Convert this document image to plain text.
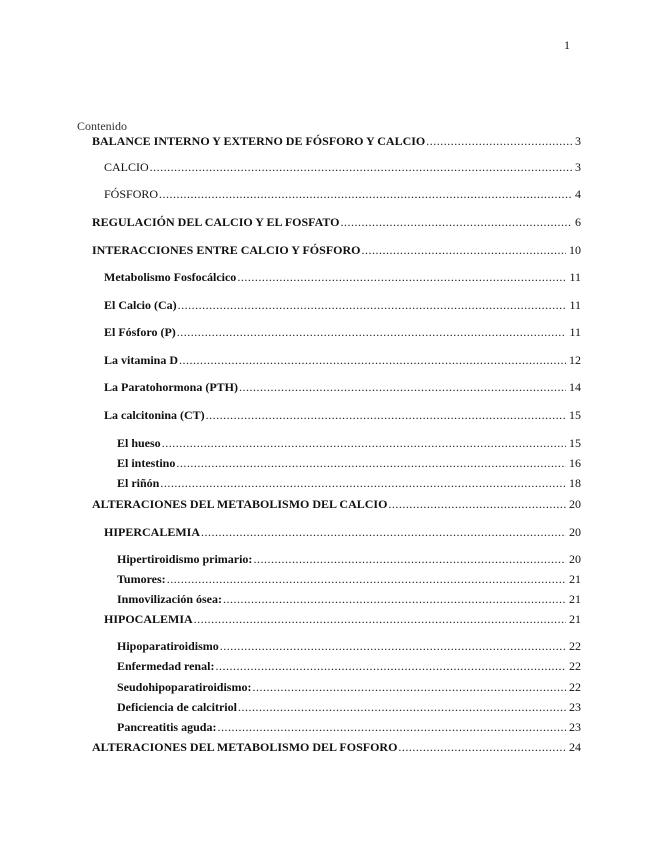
1
Contenido
BALANCE INTERNO Y EXTERNO DE FÓSFORO Y CALCIO .....	3
CALCIO .....	3
FÓSFORO .....	4
REGULACIÓN DEL CALCIO Y EL FOSFATO .....	6
INTERACCIONES ENTRE CALCIO Y FÓSFORO .....	10
Metabolismo Fosfocálcico .....	11
El Calcio (Ca) .....	11
El Fósforo (P) .....	11
La vitamina D .....	12
La Paratohormona (PTH) .....	14
La calcitonina (CT) .....	15
El hueso .....	15
El intestino .....	16
El riñón .....	18
ALTERACIONES DEL METABOLISMO DEL CALCIO .....	20
HIPERCALEMIA .....	20
Hipertiroidismo primario: .....	20
Tumores: .....	21
Inmovilización ósea: .....	21
HIPOCALEMIA .....	21
Hipoparatiroidismo .....	22
Enfermedad renal: .....	22
Seudohipoparatiroidismo: .....	22
Deficiencia de calcitriol .....	23
Pancreatitis aguda: .....	23
ALTERACIONES DEL METABOLISMO DEL FOSFORO .....	24
